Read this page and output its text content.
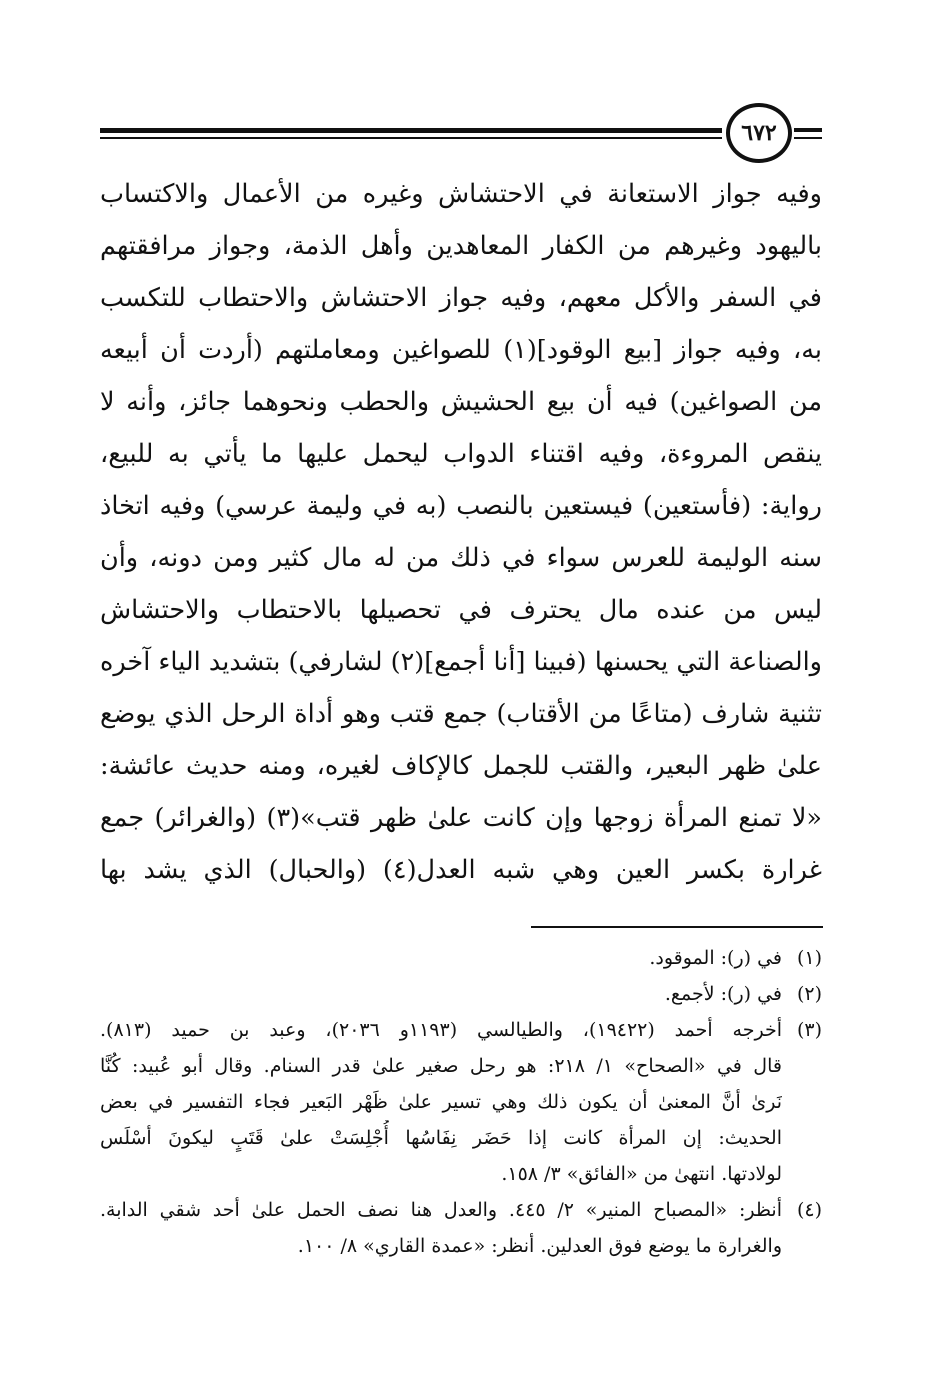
٦٧٢
وفيه جواز الاستعانة في الاحتشاش وغيره من الأعمال والاكتساب
باليهود وغيرهم من الكفار المعاهدين وأهل الذمة، وجواز مرافقتهم
في السفر والأكل معهم، وفيه جواز الاحتشاش والاحتطاب للتكسب
به، وفيه جواز [بيع الوقود](١) للصواغين ومعاملتهم (أردت أن أبيعه
من الصواغين) فيه أن بيع الحشيش والحطب ونحوهما جائز، وأنه لا
ينقص المروءة، وفيه اقتناء الدواب ليحمل عليها ما يأتي به للبيع،
رواية: (فأستعين) فيستعين بالنصب (به في وليمة عرسي) وفيه اتخاذ
سنه الوليمة للعرس سواء في ذلك من له مال كثير ومن دونه، وأن
ليس من عنده مال يحترف في تحصيلها بالاحتطاب والاحتشاش
والصناعة التي يحسنها (فبينا [أنا أجمع](٢) لشارفي) بتشديد الياء آخره
تثنية شارف (متاعًا من الأقتاب) جمع قتب وهو أداة الرحل الذي يوضع
علىٰ ظهر البعير، والقتب للجمل كالإكاف لغيره، ومنه حديث عائشة:
«لا تمنع المرأة زوجها وإن كانت علىٰ ظهر قتب»(٣) (والغرائر) جمع
غرارة بكسر العين وهي شبه العدل(٤) (والحبال) الذي يشد بها
(١)
في (ر): الموقود.
(٢)
في (ر): لأجمع.
(٣)
أخرجه أحمد (١٩٤٢٢)، والطيالسي (١١٩٣و ٢٠٣٦)، وعبد بن حميد (٨١٣).
قال في «الصحاح» ١/ ٢١٨: هو رحل صغير علىٰ قدر السنام. وقال أبو عُبيد: كُنَّا
نَرىٰ أنَّ المعنىٰ أن يكون ذلك وهي تسير علىٰ ظَهْر البَعير فجاء التفسير في بعض
الحديث: إن المرأة كانت إذا حَضَر نِفَاسُها أُجْلِسَتْ علىٰ قَتَبٍ ليكونَ أسْلَس
لولادتها. انتهىٰ من «الفائق» ٣/ ١٥٨.
(٤)
أنظر: «المصباح المنير» ٢/ ٤٤٥. والعدل هنا نصف الحمل علىٰ أحد شقي الدابة.
والغرارة ما يوضع فوق العدلين. أنظر: «عمدة القاري» ٨/ ١٠٠.
